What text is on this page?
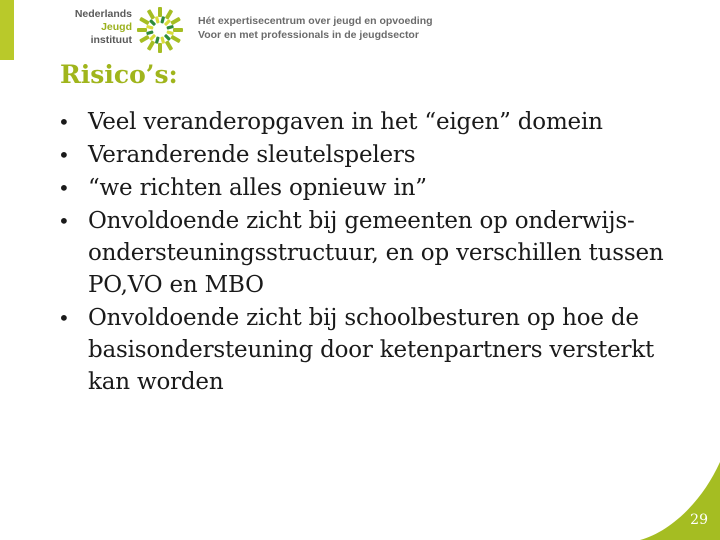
Nederlands
Jeugd
instituut
Hét expertisecentrum over jeugd en opvoeding
Voor en met professionals in de jeugdsector
Risico’s:
• Veel veranderopgaven in het “eigen” domein
• Veranderende sleutelspelers
• “we richten alles opnieuw in”
• Onvoldoende zicht bij gemeenten op onderwijs-ondersteuningsstructuur, en op verschillen tussen PO,VO en MBO
• Onvoldoende zicht bij schoolbesturen op hoe de basisondersteuning door ketenpartners versterkt kan worden
29
